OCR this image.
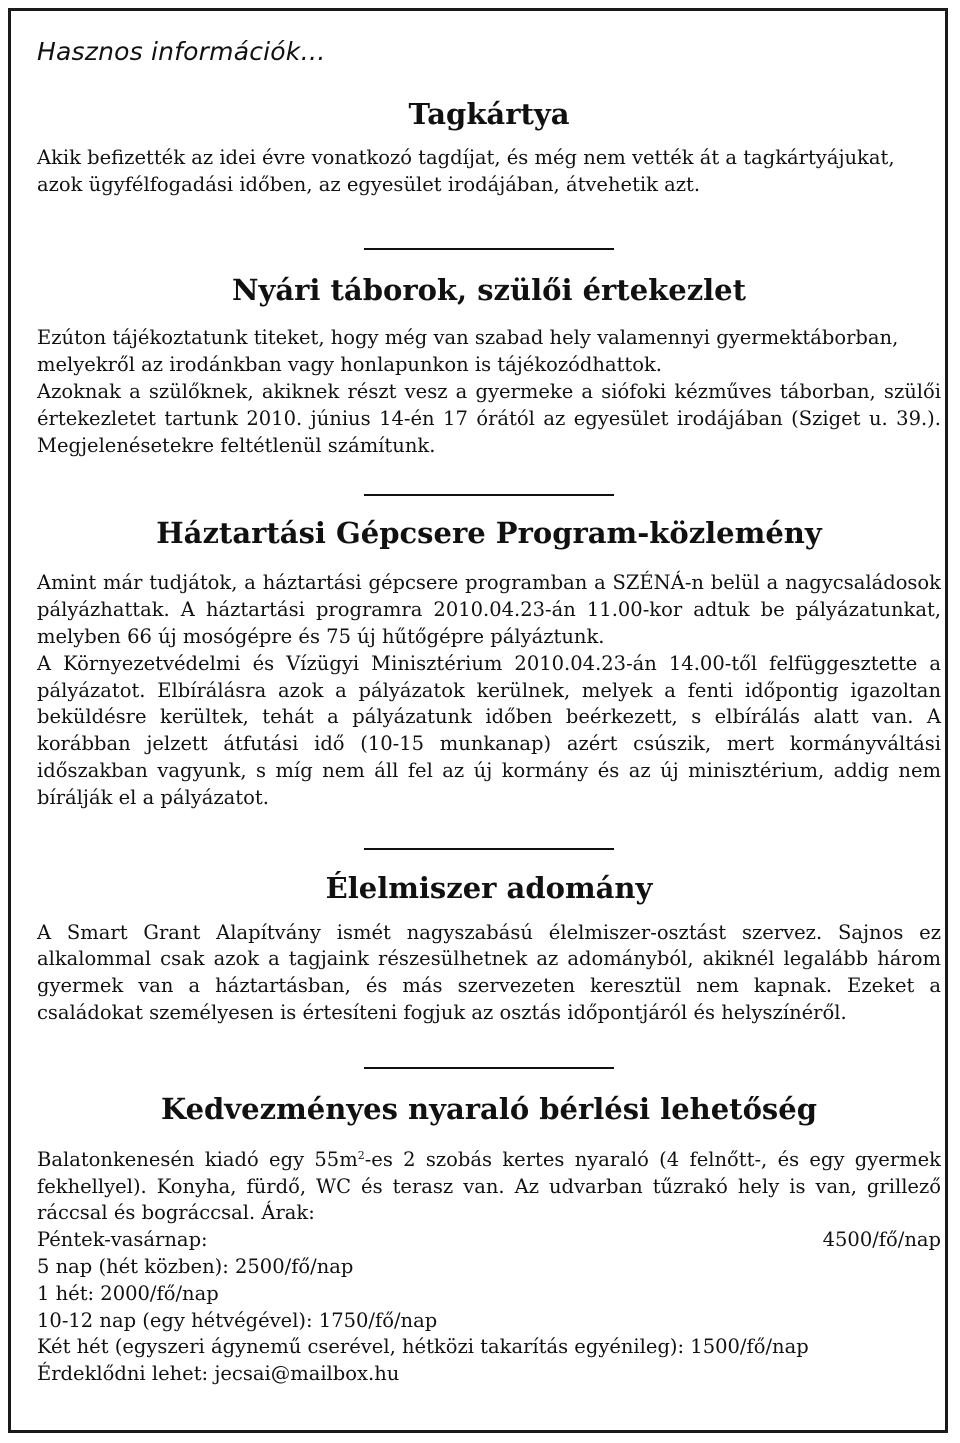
Hasznos információk…
Tagkártya

Akik befizették az idei évre vonatkozó tagdíjat, és még nem vették át a tagkártyájukat, azok ügyfélfogadási időben, az egyesület irodájában, átvehetik azt.

Nyári táborok, szülői értekezlet

Ezúton tájékoztatunk titeket, hogy még van szabad hely valamennyi gyermektáborban, melyekről az irodánkban vagy honlapunkon is tájékozódhattok.

Azoknak a szülőknek, akiknek részt vesz a gyermeke a siófoki kézműves táborban, szülői értekezletet tartunk 2010. június 14-én 17 órától az egyesület irodájában (Sziget u. 39.). Megjelenésetekre feltétlenül számítunk.

Háztartási Gépcsere Program-közlemény

Amint már tudjátok, a háztartási gépcsere programban a SZÉNÁ-n belül a nagycsaládosok pályázhattak. A háztartási programra 2010.04.23-án 11.00-kor adtuk be pályázatunkat, melyben 66 új mosógépre és 75 új hűtőgépre pályáztunk.

A Környezetvédelmi és Vízügyi Minisztérium 2010.04.23-án 14.00-től felfüggesztette a pályázatot. Elbírálásra azok a pályázatok kerülnek, melyek a fenti időpontig igazoltan beküldésre kerültek, tehát a pályázatunk időben beérkezett, s elbírálás alatt van. A korábban jelzett átfutási idő (10-15 munkanap) azért csúszik, mert kormányváltási időszakban vagyunk, s míg nem áll fel az új kormány és az új minisztérium, addig nem bírálják el a pályázatot.

Élelmiszer adomány

A Smart Grant Alapítvány ismét nagyszabású élelmiszer-osztást szervez. Sajnos ez alkalommal csak azok a tagjaink részesülhetnek az adományból, akiknél legalább három gyermek van a háztartásban, és más szervezeten keresztül nem kapnak. Ezeket a családokat személyesen is értesíteni fogjuk az osztás időpontjáról és helyszínéről.

Kedvezményes nyaraló bérlési lehetőség

Balatonkenesén kiadó egy $55m^2-es$ 2 szobás kertes nyaraló (4 felnőtt-, és egy gyermek fekhellyel). Konyha, fürdő, WC és terasz van. Az udvarban tűzrakó hely is van, grillező ráccsal és bográccsal. Árak:

Péntek-vasárnap:	4500/fő/nap

5 nap (hét közben): 2500/fő/nap

1 hét: 2000/fő/nap

10-12 nap (egy hétvégével): 1750/fő/nap

Két hét (egyszeri ágynemű cserével, hétközi takarítás egyénileg): 1500/fő/nap

Érdeklődni lehet: jecsai@mailbox.hu
